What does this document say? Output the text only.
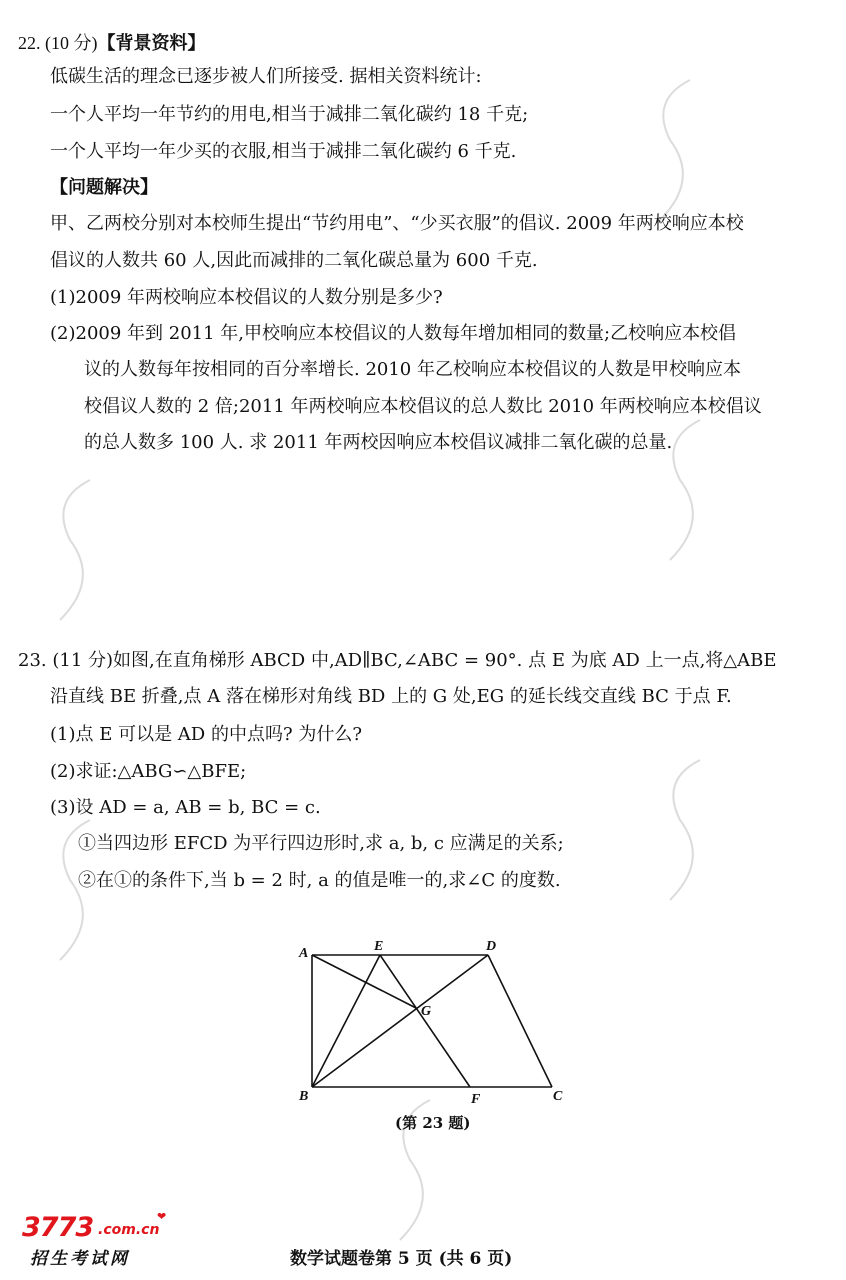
22. (10 分)【背景资料】
低碳生活的理念已逐步被人们所接受. 据相关资料统计:
一个人平均一年节约的用电,相当于减排二氧化碳约 18 千克;
一个人平均一年少买的衣服,相当于减排二氧化碳约 6 千克.
【问题解决】
甲、乙两校分别对本校师生提出“节约用电”、“少买衣服”的倡议. 2009 年两校响应本校
倡议的人数共 60 人,因此而减排的二氧化碳总量为 600 千克.
(1)2009 年两校响应本校倡议的人数分别是多少?
(2)2009 年到 2011 年,甲校响应本校倡议的人数每年增加相同的数量;乙校响应本校倡
议的人数每年按相同的百分率增长. 2010 年乙校响应本校倡议的人数是甲校响应本
校倡议人数的 2 倍;2011 年两校响应本校倡议的总人数比 2010 年两校响应本校倡议
的总人数多 100 人. 求 2011 年两校因响应本校倡议减排二氧化碳的总量.
23. (11 分)如图,在直角梯形 ABCD 中,AD∥BC,∠ABC = 90°. 点 E 为底 AD 上一点,将△ABE
沿直线 BE 折叠,点 A 落在梯形对角线 BD 上的 G 处,EG 的延长线交直线 BC 于点 F.
(1)点 E 可以是 AD 的中点吗? 为什么?
(2)求证:△ABG∽△BFE;
(3)设 AD = a, AB = b, BC = c.
①当四边形 EFCD 为平行四边形时,求 a, b, c 应满足的关系;
②在①的条件下,当 b = 2 时, a 的值是唯一的,求∠C 的度数.
A	E	D
G
B	F	C
(第 23 题)
3773 .com.cn
❤
招生考试网	数学试题卷第 5 页 (共 6 页)
